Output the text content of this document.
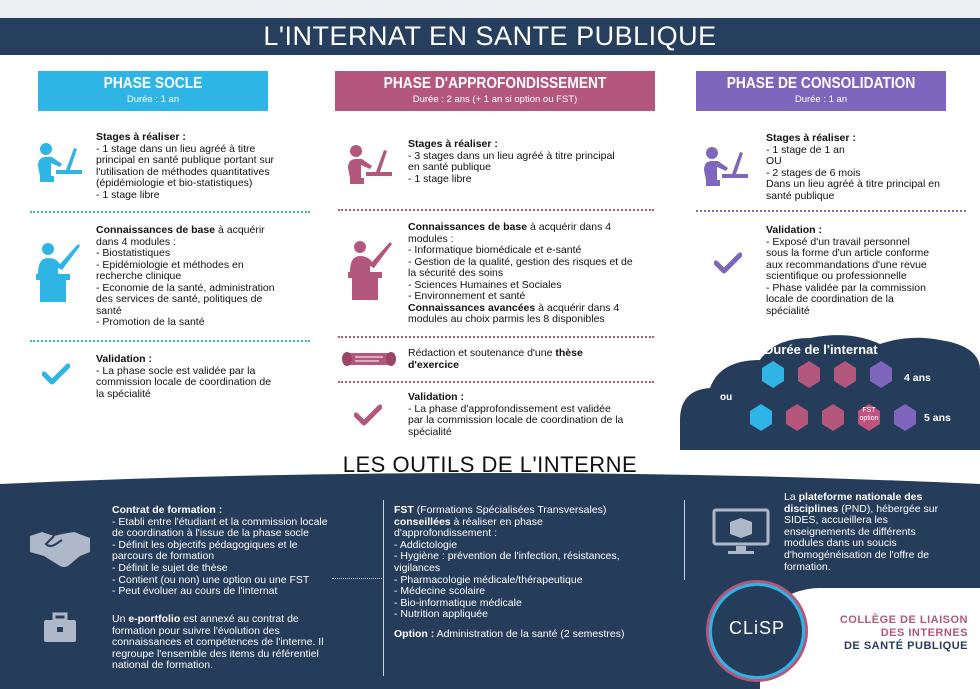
L'INTERNAT EN SANTE PUBLIQUE
PHASE SOCLE
Durée : 1 an
PHASE D'APPROFONDISSEMENT
Durée : 2 ans (+ 1 an si option ou FST)
PHASE DE CONSOLIDATION
Durée : 1 an
Stages à réaliser :
- 1 stage dans un lieu agréé à titre
principal en santé publique portant sur
l'utilisation de méthodes quantitatives
(épidémiologie et bio-statistiques)
- 1 stage libre
Connaissances de base à acquérir
dans 4 modules :
- Biostatistiques
- Epidémiologie et méthodes en
recherche clinique
- Economie de la santé, administration
des services de santé, politiques de
santé
- Promotion de la santé
Validation :
- La phase socle est validée par la
commission locale de coordination de
la spécialité
Stages à réaliser :
- 3 stages dans un lieu agréé à titre principal
en santé publique
- 1 stage libre
Connaissances de base à acquérir dans 4
modules :
- Informatique biomédicale et e-santé
- Gestion de la qualité, gestion des risques et de
la sécurité des soins
- Sciences Humaines et Sociales
- Environnement et santé
Connaissances avancées à acquérir dans 4
modules au choix parmis les 8 disponibles
Rédaction et soutenance d'une thèse
d'exercice
Validation :
- La phase d'approfondissement est validée
par la commission locale de coordination de la
spécialité
Stages à réaliser :
- 1 stage de 1 an
OU
- 2 stages de 6 mois
Dans un lieu agréé à titre principal en
santé publique
Validation :
- Exposé d'un travail personnel
sous la forme d'un article conforme
aux recommandations d'une revue
scientifique ou professionnelle
- Phase validée par la commission
locale de coordination de la
spécialité
Durée de l'internat
ou
4 ans
5 ans
FST
option
LES OUTILS DE L'INTERNE
Contrat de formation :
- Etabli entre l'étudiant et la commission locale
de coordination à l'issue de la phase socle
- Définit les objectifs pédagogiques et le
parcours de formation
- Définit le sujet de thèse
- Contient (ou non) une option ou une FST
- Peut évoluer au cours de l'internat
Un e-portfolio est annexé au contrat de
formation pour suivre l'évolution des
connaissances et compétences de l'interne. Il
regroupe l'ensemble des items du référentiel
national de formation.
FST (Formations Spécialisées Transversales)
conseillées à réaliser en phase
d'approfondissement :
- Addictologie
- Hygiène : prévention de l'infection, résistances,
vigilances
- Pharmacologie médicale/thérapeutique
- Médecine scolaire
- Bio-informatique médicale
- Nutrition appliquée
Option : Administration de la santé (2 semestres)
La plateforme nationale des
disciplines (PND), hébergée sur
SIDES, accueillera les
enseignements de différents
modules dans un soucis
d'homogénéisation de l'offre de
formation.
CLiSP	COLLÈGE DE LIAISON
DES INTERNES
DE SANTÉ PUBLIQUE
